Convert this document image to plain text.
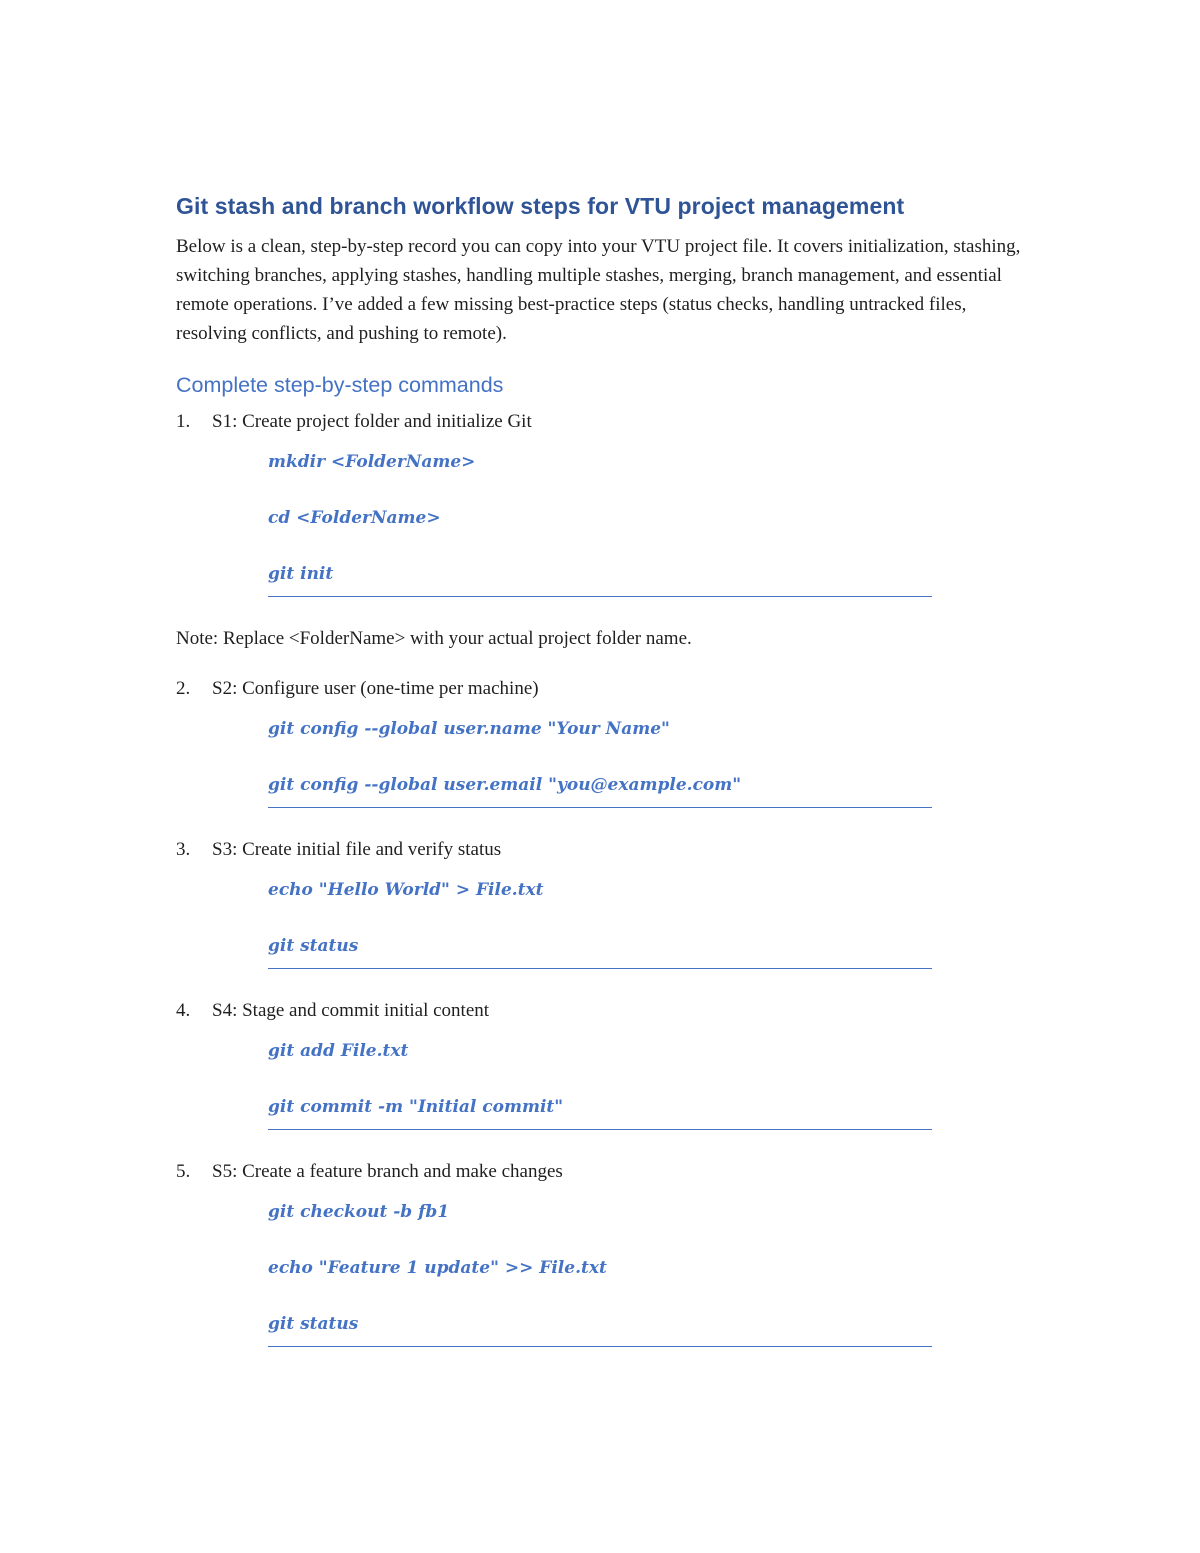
Git stash and branch workflow steps for VTU project management
Below is a clean, step-by-step record you can copy into your VTU project file. It covers initialization, stashing, switching branches, applying stashes, handling multiple stashes, merging, branch management, and essential remote operations. I’ve added a few missing best-practice steps (status checks, handling untracked files, resolving conflicts, and pushing to remote).
Complete step-by-step commands
1.	S1: Create project folder and initialize Git
mkdir <FolderName>
cd <FolderName>
git init
Note: Replace <FolderName> with your actual project folder name.
2.	S2: Configure user (one-time per machine)
git config --global user.name "Your Name"
git config --global user.email "you@example.com"
3.	S3: Create initial file and verify status
echo "Hello World" > File.txt
git status
4.	S4: Stage and commit initial content
git add File.txt
git commit -m "Initial commit"
5.	S5: Create a feature branch and make changes
git checkout -b fb1
echo "Feature 1 update" >> File.txt
git status
